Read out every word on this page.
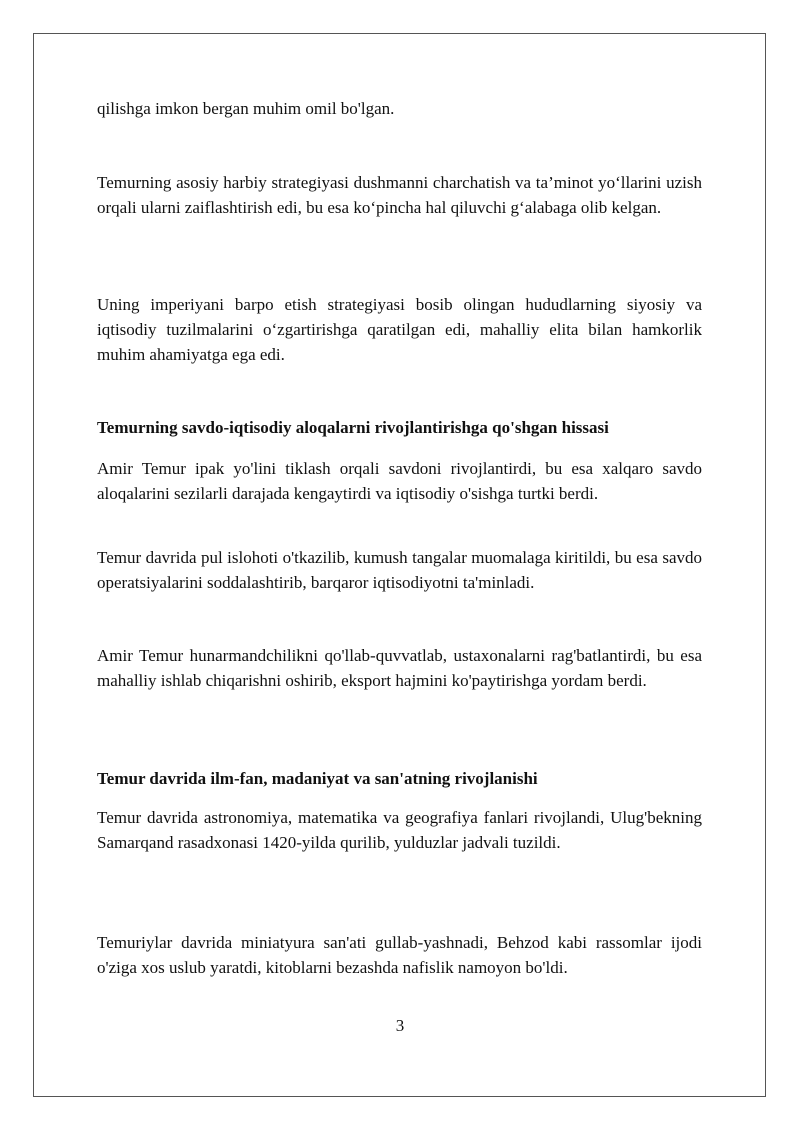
qilishga imkon bergan muhim omil bo'lgan.

Temurning asosiy harbiy strategiyasi dushmanni charchatish va ta’minot yo‘llarini uzish orqali ularni zaiflashtirish edi, bu esa ko‘pincha hal qiluvchi g‘alabaga olib kelgan.

Uning imperiyani barpo etish strategiyasi bosib olingan hududlarning siyosiy va iqtisodiy tuzilmalarini o‘zgartirishga qaratilgan edi, mahalliy elita bilan hamkorlik muhim ahamiyatga ega edi.

Temurning savdo-iqtisodiy aloqalarni rivojlantirishga qo'shgan hissasi

Amir Temur ipak yo'lini tiklash orqali savdoni rivojlantirdi, bu esa xalqaro savdo aloqalarini sezilarli darajada kengaytirdi va iqtisodiy o'sishga turtki berdi.

Temur davrida pul islohoti o'tkazilib, kumush tangalar muomalaga kiritildi, bu esa savdo operatsiyalarini soddalashtirib, barqaror iqtisodiyotni ta'minladi.

Amir Temur hunarmandchilikni qo'llab-quvvatlab, ustaxonalarni rag'batlantirdi, bu esa mahalliy ishlab chiqarishni oshirib, eksport hajmini ko'paytirishga yordam berdi.

Temur davrida ilm-fan, madaniyat va san'atning rivojlanishi

Temur davrida astronomiya, matematika va geografiya fanlari rivojlandi, Ulug'bekning Samarqand rasadxonasi 1420-yilda qurilib, yulduzlar jadvali tuzildi.

Temuriylar davrida miniatyura san'ati gullab-yashnadi, Behzod kabi rassomlar ijodi o'ziga xos uslub yaratdi, kitoblarni bezashda nafislik namoyon bo'ldi.

3
